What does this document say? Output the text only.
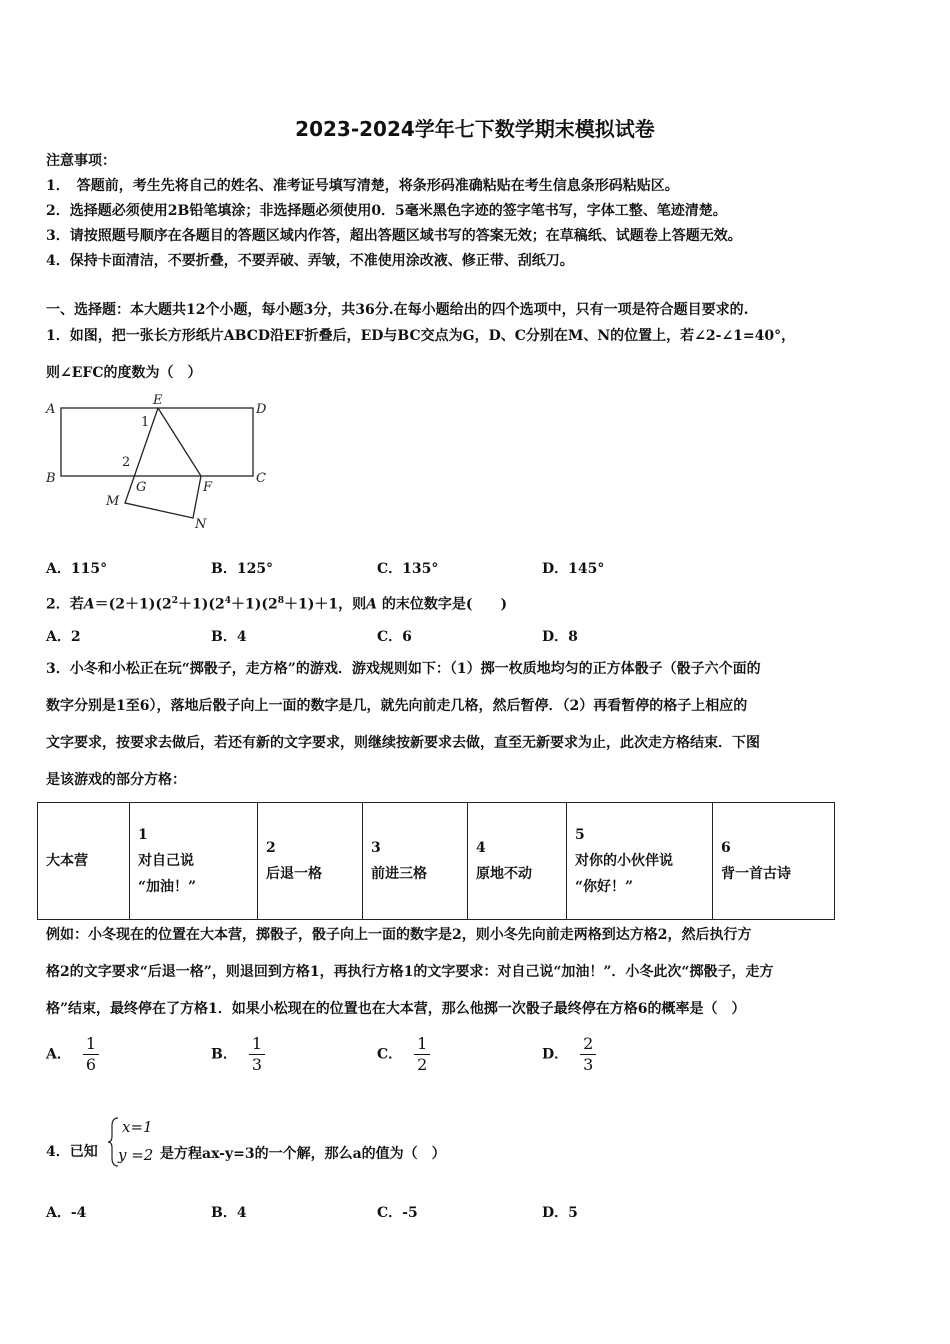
2023-2024学年七下数学期末模拟试卷
注意事项：
1．　答题前，考生先将自己的姓名、准考证号填写清楚，将条形码准确粘贴在考生信息条形码粘贴区。
2．选择题必须使用2B铅笔填涂；非选择题必须使用0．5毫米黑色字迹的签字笔书写，字体工整、笔迹清楚。
3．请按照题号顺序在各题目的答题区域内作答，超出答题区域书写的答案无效；在草稿纸、试题卷上答题无效。
4．保持卡面清洁，不要折叠，不要弄破、弄皱，不准使用涂改液、修正带、刮纸刀。
一、选择题：本大题共12个小题，每小题3分，共36分.在每小题给出的四个选项中，只有一项是符合题目要求的.
1．如图，把一张长方形纸片ABCD沿EF折叠后，ED与BC交点为G，D、C分别在M、N的位置上，若∠2-∠1=40°，
则∠EFC的度数为（　）
A	D
B	C
E
F
G
M
N
1
2
A．115°	B．125°	C．135°	D．145°
2．若$A=(2+1)(2^2+1)(2^4+1)(2^8+1)+1$，则A 的末位数字是(　　)
A．2	B．4	C．6	D．8
3．小冬和小松正在玩“掷骰子，走方格”的游戏．游戏规则如下：（1）掷一枚质地均匀的正方体骰子（骰子六个面的
数字分别是1至6），落地后骰子向上一面的数字是几，就先向前走几格，然后暂停．（2）再看暂停的格子上相应的
文字要求，按要求去做后，若还有新的文字要求，则继续按新要求去做，直至无新要求为止，此次走方格结束．下图
是该游戏的部分方格：
大本营

1
对自己说
“加油！”

2
后退一格

3
前进三格

4
原地不动

5
对你的小伙伴说
“你好！”

6
背一首古诗
例如：小冬现在的位置在大本营，掷骰子，骰子向上一面的数字是2，则小冬先向前走两格到达方格2，然后执行方
格2的文字要求“后退一格”，则退回到方格1，再执行方格1的文字要求：对自己说“加油！”．小冬此次“掷骰子，走方
格”结束，最终停在了方格1．如果小松现在的位置也在大本营，那么他掷一次骰子最终停在方格6的概率是（　）
A． $\frac{1}{6}$	B． $\frac{1}{3}$	C． $\frac{1}{2}$	D． $\frac{2}{3}$
4．已知
x=1
y =2 是方程ax-y=3的一个解，那么a的值为（　）
A．-4	B．4	C．-5	D．5
